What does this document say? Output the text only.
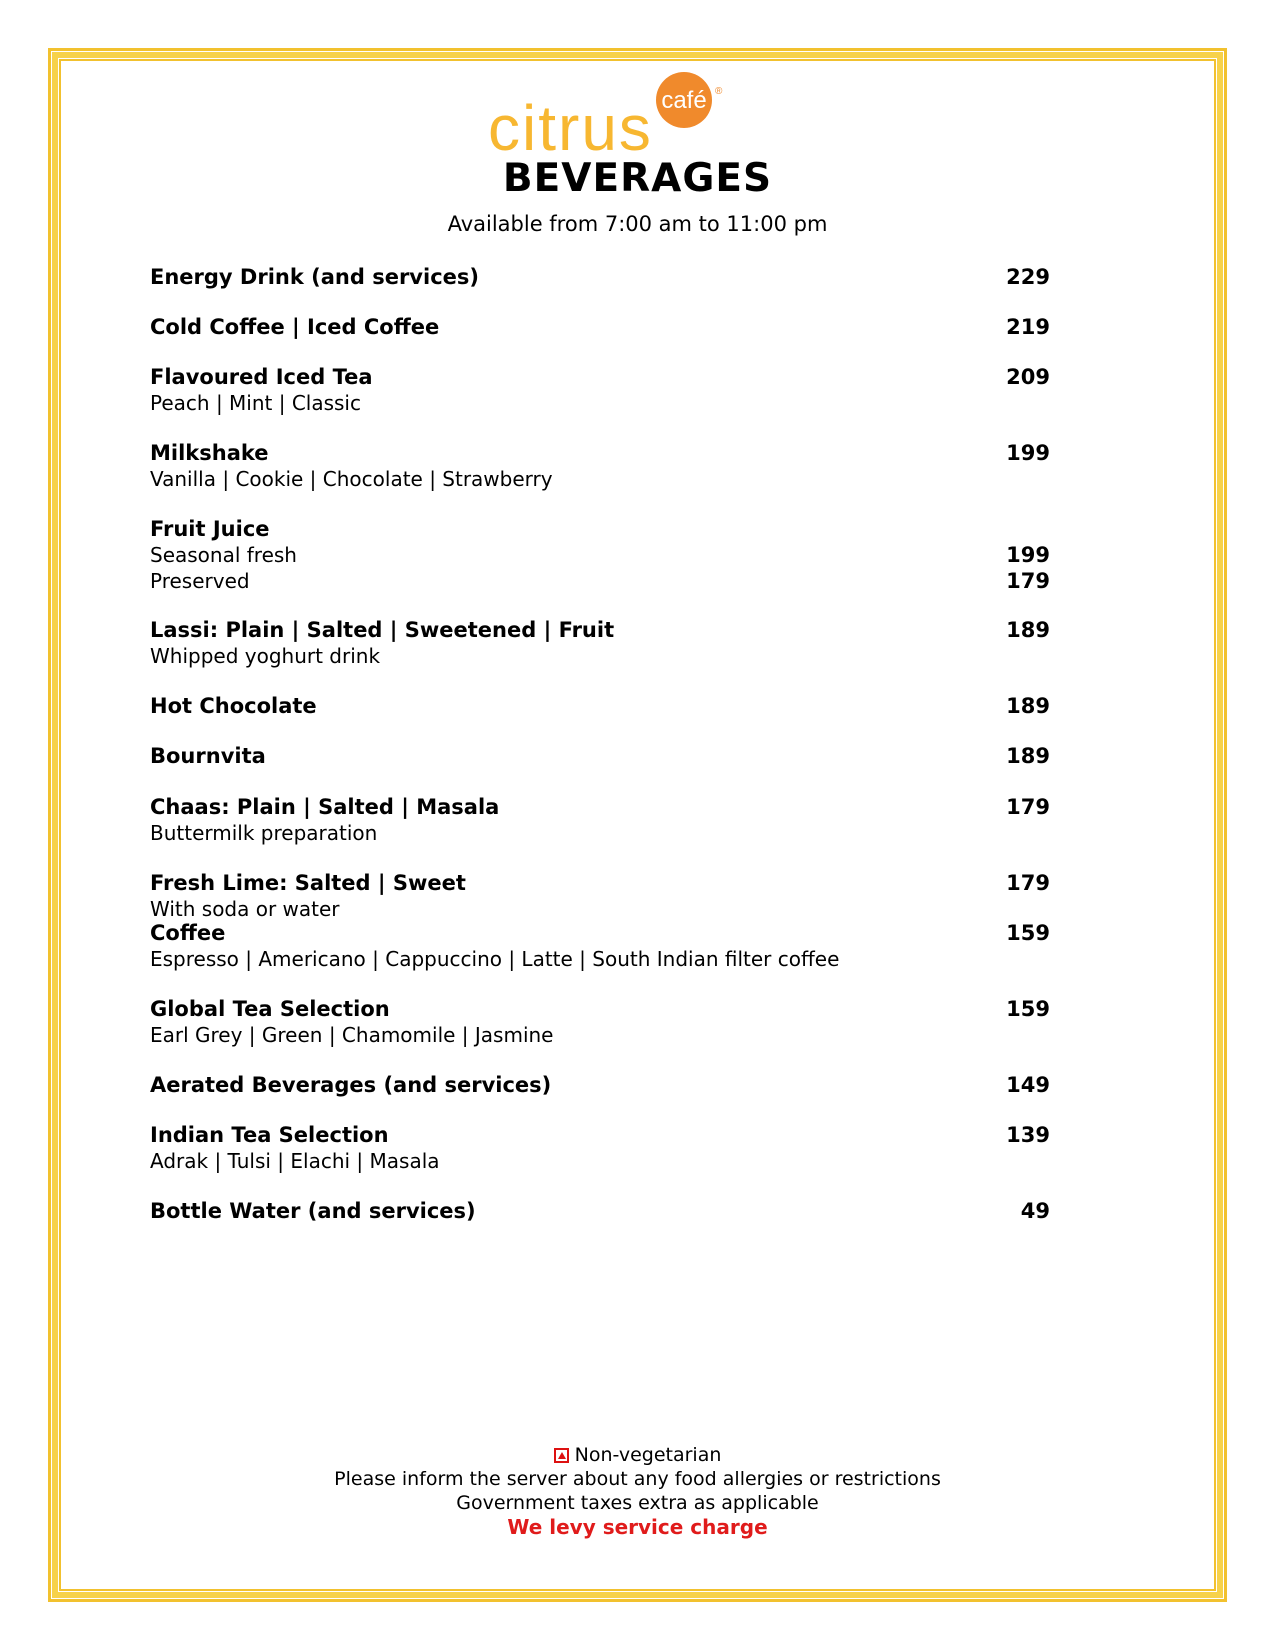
café ®
citrus
BEVERAGES
Available from 7:00 am to 11:00 pm
Energy Drink (and services)	229
Cold Coffee | Iced Coffee	219
Flavoured Iced Tea	209
Peach | Mint | Classic
Milkshake	199
Vanilla | Cookie | Chocolate | Strawberry
Fruit Juice
Seasonal fresh	199
Preserved	179
Lassi: Plain | Salted | Sweetened | Fruit	189
Whipped yoghurt drink
Hot Chocolate	189
Bournvita	189
Chaas: Plain | Salted | Masala	179
Buttermilk preparation
Fresh Lime: Salted | Sweet	179
With soda or water
Coffee	159
Espresso | Americano | Cappuccino | Latte | South Indian filter coffee
Global Tea Selection	159
Earl Grey | Green | Chamomile | Jasmine
Aerated Beverages (and services)	149
Indian Tea Selection	139
Adrak | Tulsi | Elachi | Masala
Bottle Water (and services)	49
Non-vegetarian
Please inform the server about any food allergies or restrictions
Government taxes extra as applicable
We levy service charge
